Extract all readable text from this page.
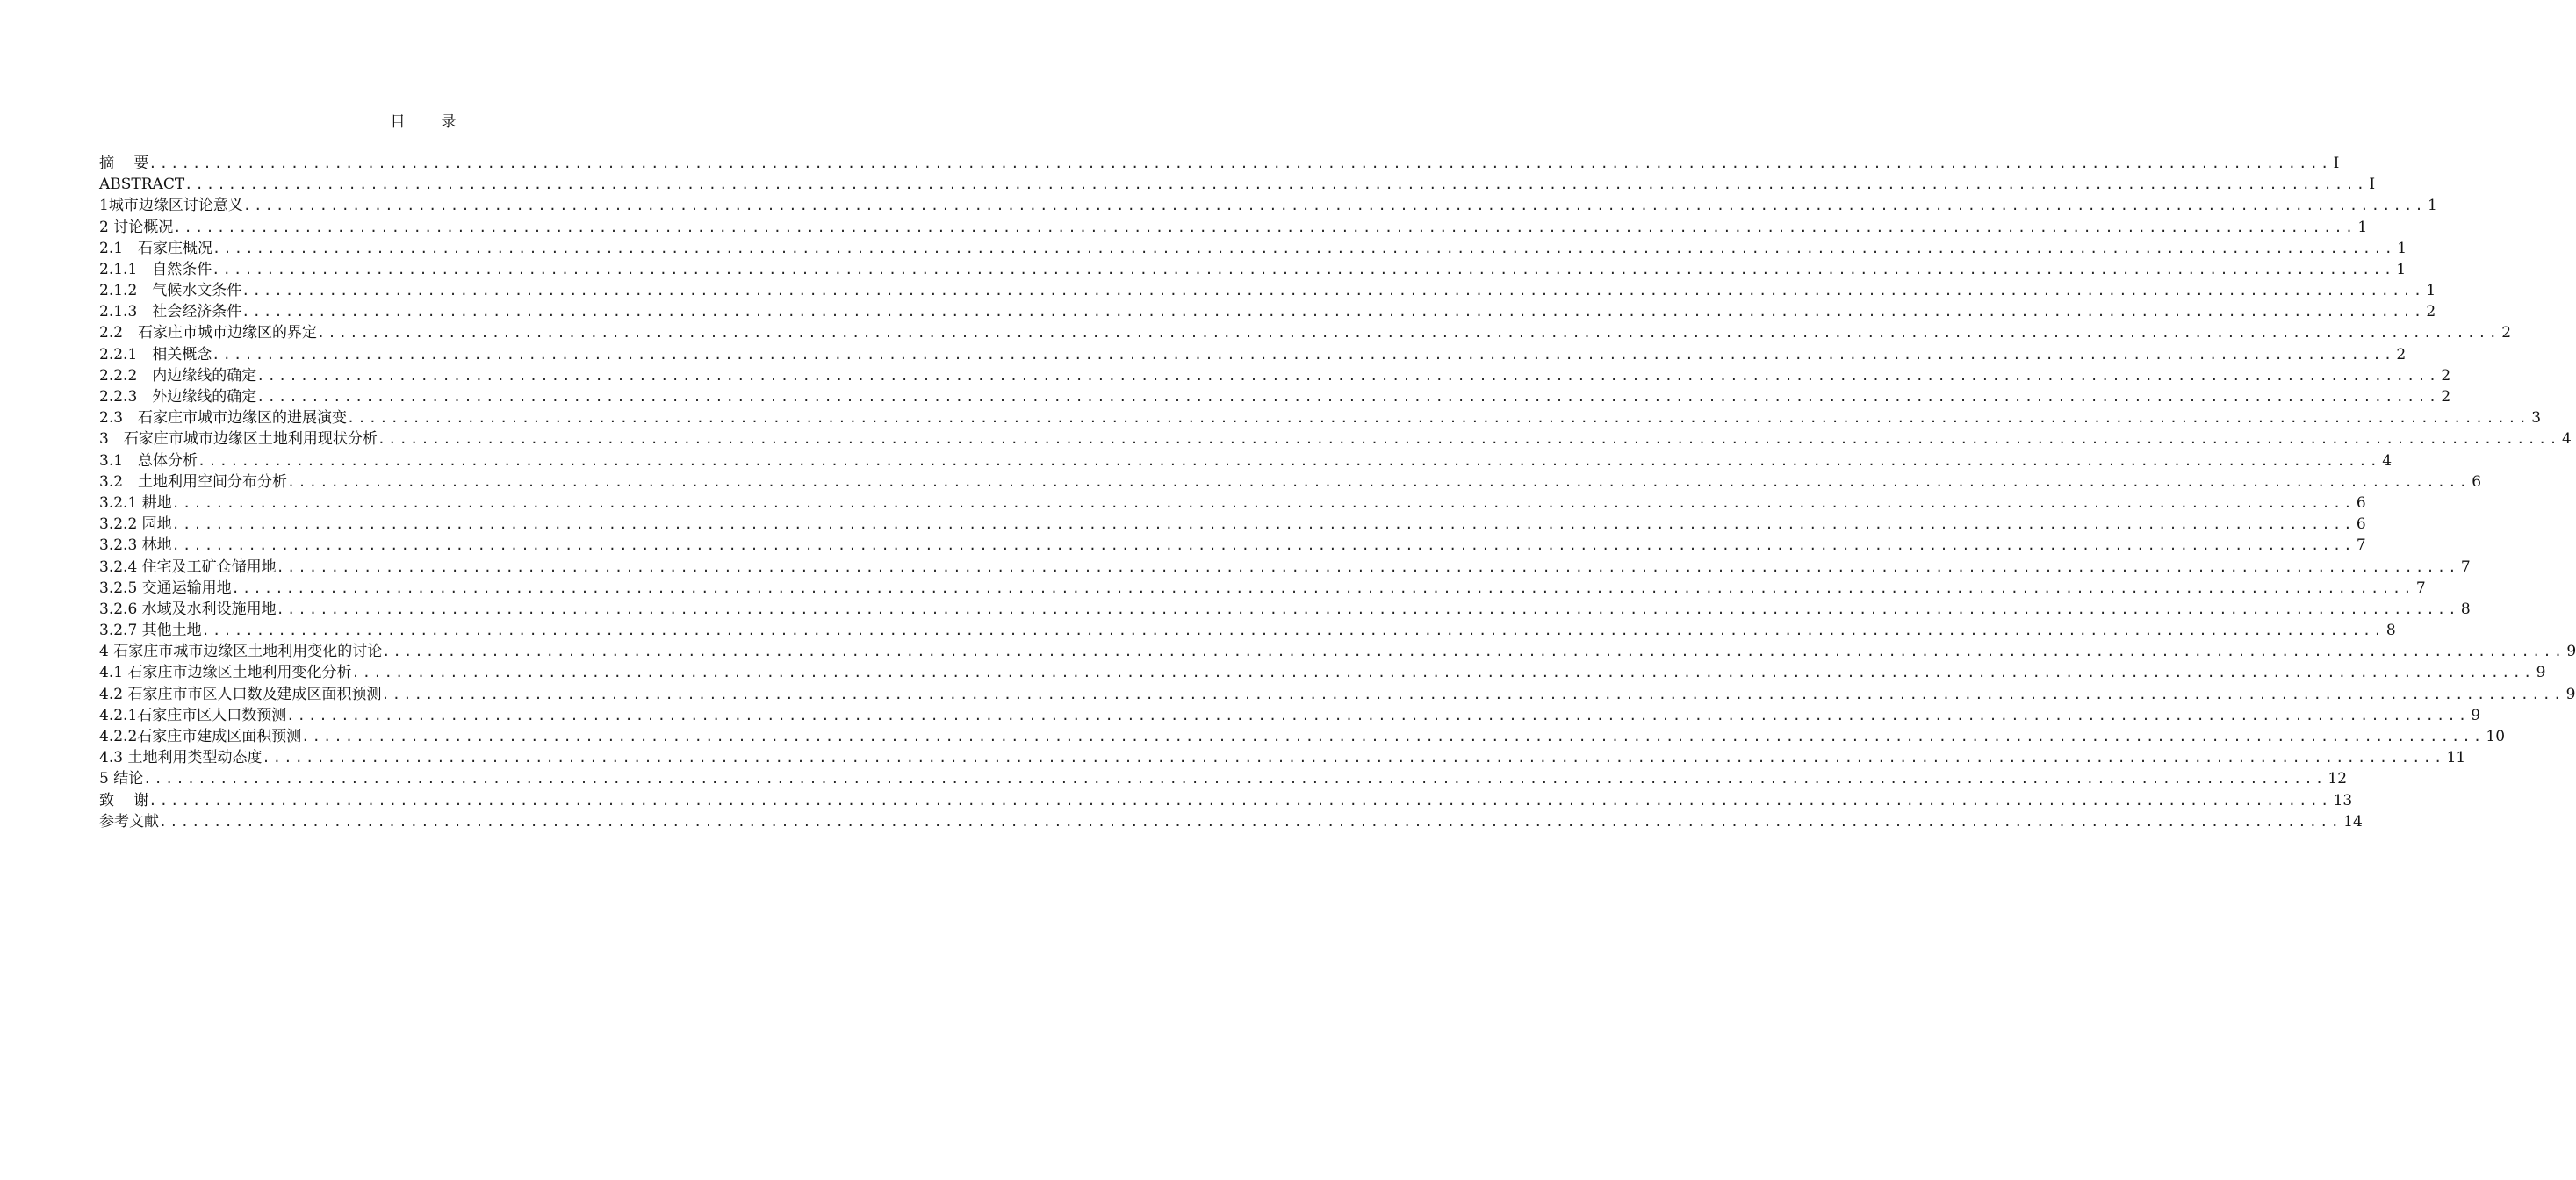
目　录
摘　 要 ........................................................................................................................................................................................................ I
ABSTRACT ........................................................................................................................................................................................................ I
1城市边缘区讨论意义 ........................................................................................................................................................................................................ 1
2 讨论概况 ........................................................................................................................................................................................................ 1
2.1　石家庄概况 ........................................................................................................................................................................................................ 1
2.1.1　自然条件 ........................................................................................................................................................................................................ 1
2.1.2　气候水文条件 ........................................................................................................................................................................................................ 1
2.1.3　社会经济条件 ........................................................................................................................................................................................................ 2
2.2　石家庄市城市边缘区的界定 ........................................................................................................................................................................................................ 2
2.2.1　相关概念 ........................................................................................................................................................................................................ 2
2.2.2　内边缘线的确定 ........................................................................................................................................................................................................ 2
2.2.3　外边缘线的确定 ........................................................................................................................................................................................................ 2
2.3　石家庄市城市边缘区的进展演变 ........................................................................................................................................................................................................ 3
3　石家庄市城市边缘区土地利用现状分析 ........................................................................................................................................................................................................ 4
3.1　总体分析 ........................................................................................................................................................................................................ 4
3.2　土地利用空间分布分析 ........................................................................................................................................................................................................ 6
3.2.1 耕地 ........................................................................................................................................................................................................ 6
3.2.2 园地 ........................................................................................................................................................................................................ 6
3.2.3 林地 ........................................................................................................................................................................................................ 7
3.2.4 住宅及工矿仓储用地 ........................................................................................................................................................................................................ 7
3.2.5 交通运输用地 ........................................................................................................................................................................................................ 7
3.2.6 水域及水利设施用地 ........................................................................................................................................................................................................ 8
3.2.7 其他土地 ........................................................................................................................................................................................................ 8
4 石家庄市城市边缘区土地利用变化的讨论 ........................................................................................................................................................................................................ 9
4.1 石家庄市边缘区土地利用变化分析 ........................................................................................................................................................................................................ 9
4.2 石家庄市市区人口数及建成区面积预测 ........................................................................................................................................................................................................ 9
4.2.1石家庄市区人口数预测 ........................................................................................................................................................................................................ 9
4.2.2石家庄市建成区面积预测 ........................................................................................................................................................................................................ 10
4.3 土地利用类型动态度 ........................................................................................................................................................................................................ 11
5 结论 ........................................................................................................................................................................................................ 12
致　 谢 ........................................................................................................................................................................................................ 13
参考文献 ........................................................................................................................................................................................................ 14
